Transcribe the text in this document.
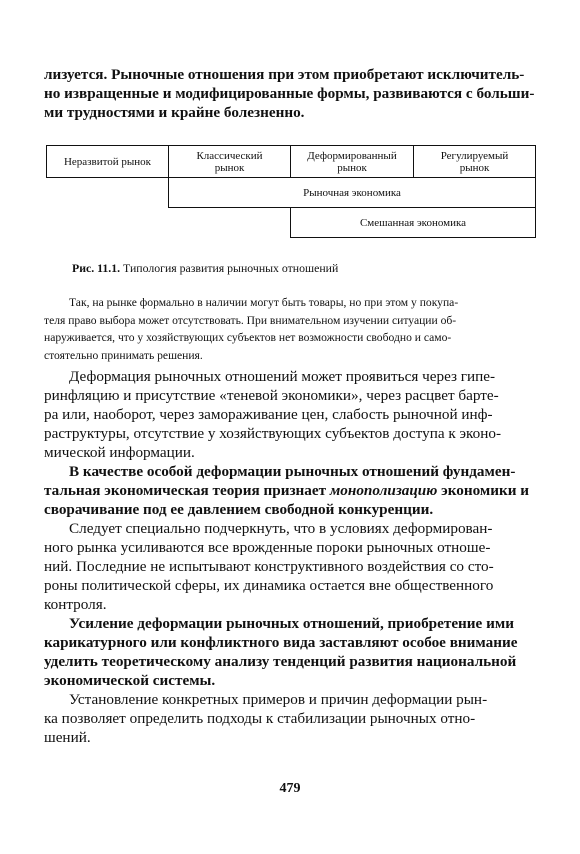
лизуется. Рыночные отношения при этом приобретают исключитель-
но извращенные и модифицированные формы, развиваются с больши-
ми трудностями и крайне болезненно.

Неразвитой рынок	Классический
рынок
Деформированный
рынок
Регулируемый
рынок
Рыночная экономика
Смешанная экономика
Рис. 11.1. Типология развития рыночных отношений

Так, на рынке формально в наличии могут быть товары, но при этом у покупа-
теля право выбора может отсутствовать. При внимательном изучении ситуации об-
наруживается, что у хозяйствующих субъектов нет возможности свободно и само-
стоятельно принимать решения.

Деформация рыночных отношений может проявиться через гипе-
ринфляцию и присутствие «теневой экономики», через расцвет барте-
ра или, наоборот, через замораживание цен, слабость рыночной инф-
раструктуры, отсутствие у хозяйствующих субъектов доступа к эконо-
мической информации.

В качестве особой деформации рыночных отношений фундамен-
тальная экономическая теория признает монополизацию экономики и
сворачивание под ее давлением свободной конкуренции.

Следует специально подчеркнуть, что в условиях деформирован-
ного рынка усиливаются все врожденные пороки рыночных отноше-
ний. Последние не испытывают конструктивного воздействия со сто-
роны политической сферы, их динамика остается вне общественного
контроля.

Усиление деформации рыночных отношений, приобретение ими
карикатурного или конфликтного вида заставляют особое внимание
уделить теоретическому анализу тенденций развития национальной
экономической системы.

Установление конкретных примеров и причин деформации рын-
ка позволяет определить подходы к стабилизации рыночных отно-
шений.

479
